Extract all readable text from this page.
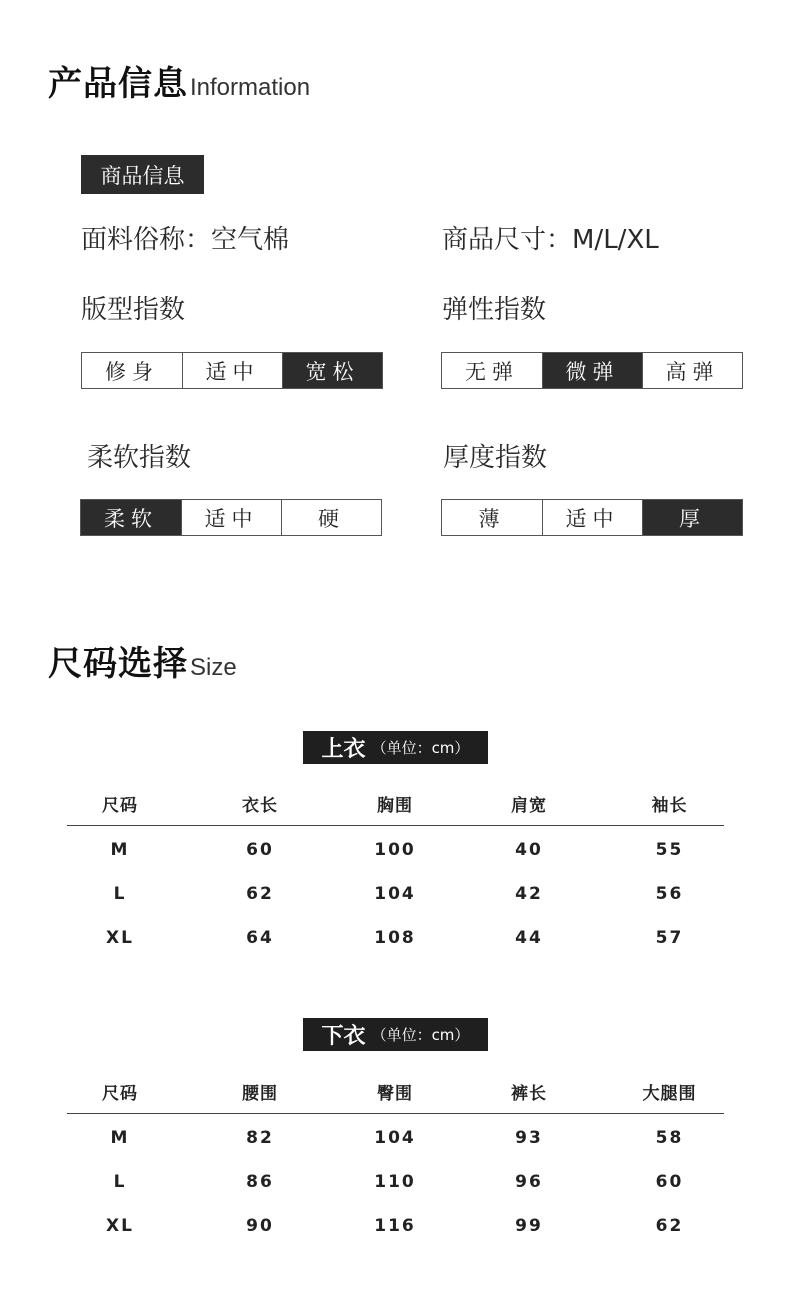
产品信息 Information
商品信息
面料俗称：空气棉	商品尺寸：M/L/XL
版型指数	弹性指数
修身	适中	宽松	无弹	微弹	高弹
柔软指数	厚度指数
柔软	适中	硬	薄	适中	厚
尺码选择 Size
上衣 （单位：cm）
尺码	衣长	胸围	肩宽	袖长
M	60	100	40	55
L	62	104	42	56
XL	64	108	44	57
下衣 （单位：cm）
尺码	腰围	臀围	裤长	大腿围
M	82	104	93	58
L	86	110	96	60
XL	90	116	99	62
